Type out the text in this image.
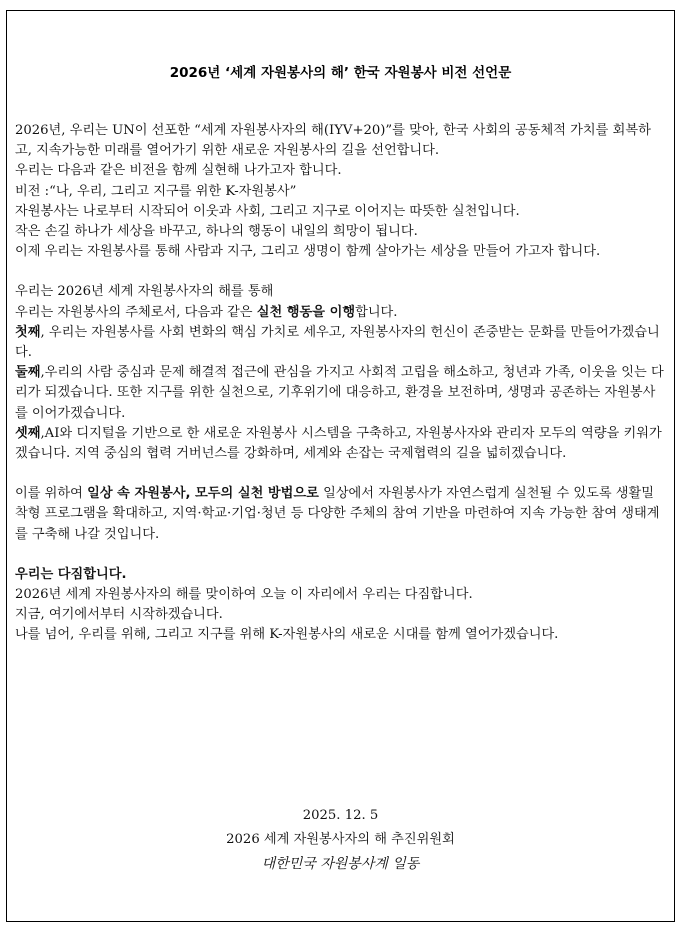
2026년 ‘세계 자원봉사의 해’ 한국 자원봉사 비전 선언문

2026년, 우리는 UN이 선포한 “세계 자원봉사자의 해(IYV+20)”를 맞아, 한국 사회의 공동체적 가치를 회복하고, 지속가능한 미래를 열어가기 위한 새로운 자원봉사의 길을 선언합니다.

우리는 다음과 같은 비전을 함께 실현해 나가고자 합니다.

비전 :“나, 우리, 그리고 지구를 위한 K-자원봉사”

자원봉사는 나로부터 시작되어 이웃과 사회, 그리고 지구로 이어지는 따뜻한 실천입니다.

작은 손길 하나가 세상을 바꾸고, 하나의 행동이 내일의 희망이 됩니다.

이제 우리는 자원봉사를 통해 사람과 지구, 그리고 생명이 함께 살아가는 세상을 만들어 가고자 합니다.

우리는 2026년 세계 자원봉사자의 해를 통해

우리는 자원봉사의 주체로서, 다음과 같은 실천 행동을 이행합니다.

첫째, 우리는 자원봉사를 사회 변화의 핵심 가치로 세우고, 자원봉사자의 헌신이 존중받는 문화를 만들어가겠습니다.

둘째,우리의 사람 중심과 문제 해결적 접근에 관심을 가지고 사회적 고립을 해소하고, 청년과 가족, 이웃을 잇는 다리가 되겠습니다. 또한 지구를 위한 실천으로, 기후위기에 대응하고, 환경을 보전하며, 생명과 공존하는 자원봉사를 이어가겠습니다.

셋째,AI와 디지털을 기반으로 한 새로운 자원봉사 시스템을 구축하고, 자원봉사자와 관리자 모두의 역량을 키워가겠습니다. 지역 중심의 협력 거버넌스를 강화하며, 세계와 손잡는 국제협력의 길을 넓히겠습니다.

이를 위하여 일상 속 자원봉사, 모두의 실천 방법으로 일상에서 자원봉사가 자연스럽게 실천될 수 있도록 생활밀착형 프로그램을 확대하고, 지역·학교·기업·청년 등 다양한 주체의 참여 기반을 마련하여 지속 가능한 참여 생태계를 구축해 나갈 것입니다.

우리는 다짐합니다.

2026년 세계 자원봉사자의 해를 맞이하여 오늘 이 자리에서 우리는 다짐합니다.

지금, 여기에서부터 시작하겠습니다.

나를 넘어, 우리를 위해, 그리고 지구를 위해 K-자원봉사의 새로운 시대를 함께 열어가겠습니다.

2025. 12. 5
2026 세계 자원봉사자의 해 추진위원회
대한민국 자원봉사계 일동
